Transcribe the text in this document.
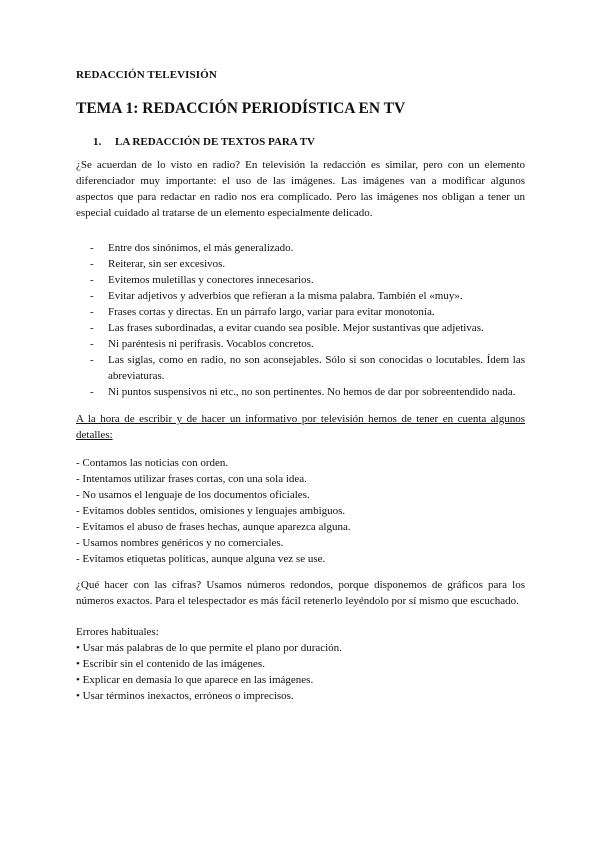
REDACCIÓN TELEVISIÓN
TEMA 1: REDACCIÓN PERIODÍSTICA EN TV
1. LA REDACCIÓN DE TEXTOS PARA TV
¿Se acuerdan de lo visto en radio? En televisión la redacción es similar, pero con un elemento diferenciador muy importante: el uso de las imágenes. Las imágenes van a modificar algunos aspectos que para redactar en radio nos era complicado. Pero las imágenes nos obligan a tener un especial cuidado al tratarse de un elemento especialmente delicado.
- Entre dos sinónimos, el más generalizado.
- Reiterar, sin ser excesivos.
- Evitemos muletillas y conectores innecesarios.
- Evitar adjetivos y adverbios que refieran a la misma palabra. También el «muy».
- Frases cortas y directas. En un párrafo largo, variar para evitar monotonía.
- Las frases subordinadas, a evitar cuando sea posible. Mejor sustantivas que adjetivas.
- Ni paréntesis ni perífrasis. Vocablos concretos.
- Las siglas, como en radio, no son aconsejables. Sólo si son conocidas o locutables. Ídem las abreviaturas.
- Ni puntos suspensivos ni etc., no son pertinentes. No hemos de dar por sobreentendido nada.
A la hora de escribir y de hacer un informativo por televisión hemos de tener en cuenta algunos detalles:
- Contamos las noticias con orden.
- Intentamos utilizar frases cortas, con una sola idea.
- No usamos el lenguaje de los documentos oficiales.
- Evitamos dobles sentidos, omisiones y lenguajes ambiguos.
- Evitamos el abuso de frases hechas, aunque aparezca alguna.
- Usamos nombres genéricos y no comerciales.
- Evitamos etiquetas políticas, aunque alguna vez se use.
¿Qué hacer con las cifras? Usamos números redondos, porque disponemos de gráficos para los números exactos. Para el telespectador es más fácil retenerlo leyéndolo por sí mismo que escuchado.
Errores habituales:
• Usar más palabras de lo que permite el plano por duración.
• Escribir sin el contenido de las imágenes.
• Explicar en demasía lo que aparece en las imágenes.
• Usar términos inexactos, erróneos o imprecisos.
